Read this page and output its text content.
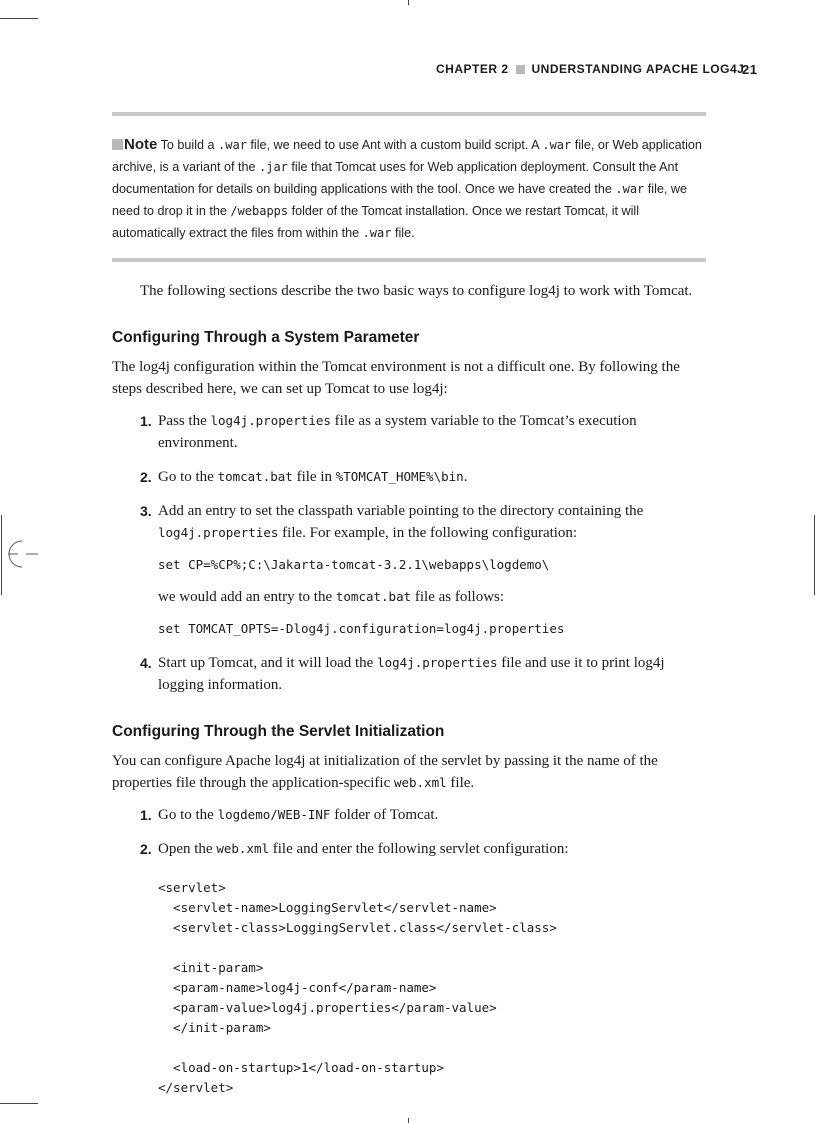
CHAPTER 2 UNDERSTANDING APACHE LOG4J
21
Note To build a .war file, we need to use Ant with a custom build script. A .war file, or Web application archive, is a variant of the .jar file that Tomcat uses for Web application deployment. Consult the Ant documentation for details on building applications with the tool. Once we have created the .war file, we need to drop it in the /webapps folder of the Tomcat installation. Once we restart Tomcat, it will automatically extract the files from within the .war file.

The following sections describe the two basic ways to configure log4j to work with Tomcat.

Configuring Through a System Parameter

The log4j configuration within the Tomcat environment is not a difficult one. By following the steps described here, we can set up Tomcat to use log4j:

1. Pass the log4j.properties file as a system variable to the Tomcat’s execution environment.
2. Go to the tomcat.bat file in %TOMCAT_HOME%\bin.
3. Add an entry to set the classpath variable pointing to the directory containing the log4j.properties file. For example, in the following configuration:
set CP=%CP%;C:\Jakarta-tomcat-3.2.1\webapps\logdemo\
we would add an entry to the tomcat.bat file as follows:
set TOMCAT_OPTS=-Dlog4j.configuration=log4j.properties
4. Start up Tomcat, and it will load the log4j.properties file and use it to print log4j logging information.
Configuring Through the Servlet Initialization

You can configure Apache log4j at initialization of the servlet by passing it the name of the properties file through the application-specific web.xml file.

1. Go to the logdemo/WEB-INF folder of Tomcat.
2. Open the web.xml file and enter the following servlet configuration:
<servlet>
<servlet-name>LoggingServlet</servlet-name>
<servlet-class>LoggingServlet.class</servlet-class>

<init-param>
<param-name>log4j-conf</param-name>
<param-value>log4j.properties</param-value>
</init-param>

<load-on-startup>1</load-on-startup>
</servlet>
